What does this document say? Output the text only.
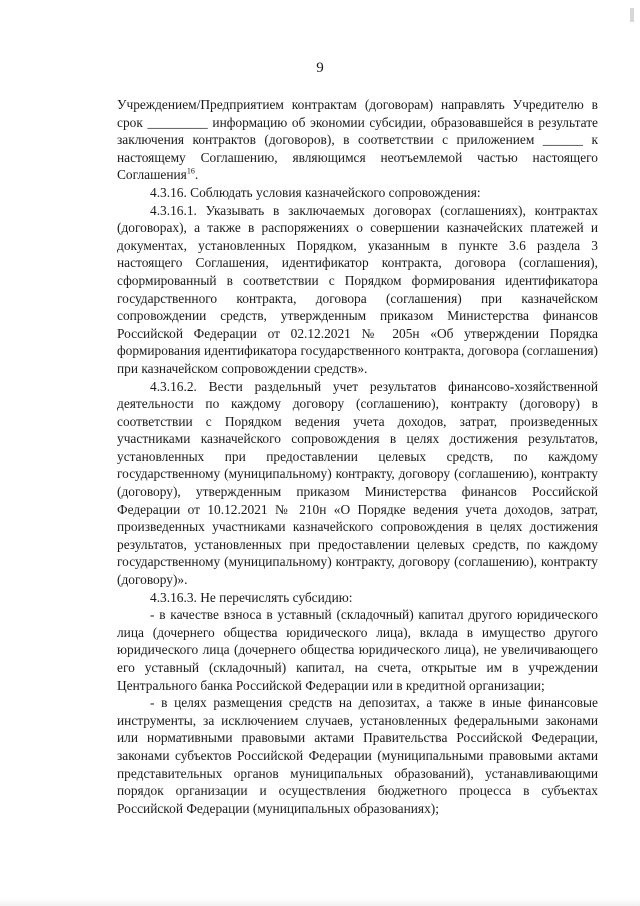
9

Учреждением/Предприятием контрактам (договорам) направлять Учредителю в срок _________ информацию об экономии субсидии, образовавшейся в результате заключения контрактов (договоров), в соответствии с приложением ______ к настоящему Соглашению, являющимся неотъемлемой частью настоящего Соглашения$^{16}$.

4.3.16. Соблюдать условия казначейского сопровождения:

4.3.16.1. Указывать в заключаемых договорах (соглашениях), контрактах (договорах), а также в распоряжениях о совершении казначейских платежей и документах, установленных Порядком, указанным в пункте 3.6 раздела 3 настоящего Соглашения, идентификатор контракта, договора (соглашения), сформированный в соответствии с Порядком формирования идентификатора государственного контракта, договора (соглашения) при казначейском сопровождении средств, утвержденным приказом Министерства финансов Российской Федерации от 02.12.2021 № 205н «Об утверждении Порядка формирования идентификатора государственного контракта, договора (соглашения) при казначейском сопровождении средств».

4.3.16.2. Вести раздельный учет результатов финансово-хозяйственной деятельности по каждому договору (соглашению), контракту (договору) в соответствии с Порядком ведения учета доходов, затрат, произведенных участниками казначейского сопровождения в целях достижения результатов, установленных при предоставлении целевых средств, по каждому государственному (муниципальному) контракту, договору (соглашению), контракту (договору), утвержденным приказом Министерства финансов Российской Федерации от 10.12.2021 № 210н «О Порядке ведения учета доходов, затрат, произведенных участниками казначейского сопровождения в целях достижения результатов, установленных при предоставлении целевых средств, по каждому государственному (муниципальному) контракту, договору (соглашению), контракту (договору)».

4.3.16.3. Не перечислять субсидию:

- в качестве взноса в уставный (складочный) капитал другого юридического лица (дочернего общества юридического лица), вклада в имущество другого юридического лица (дочернего общества юридического лица), не увеличивающего его уставный (складочный) капитал, на счета, открытые им в учреждении Центрального банка Российской Федерации или в кредитной организации;

- в целях размещения средств на депозитах, а также в иные финансовые инструменты, за исключением случаев, установленных федеральными законами или нормативными правовыми актами Правительства Российской Федерации, законами субъектов Российской Федерации (муниципальными правовыми актами представительных органов муниципальных образований), устанавливающими порядок организации и осуществления бюджетного процесса в субъектах Российской Федерации (муниципальных образованиях);
